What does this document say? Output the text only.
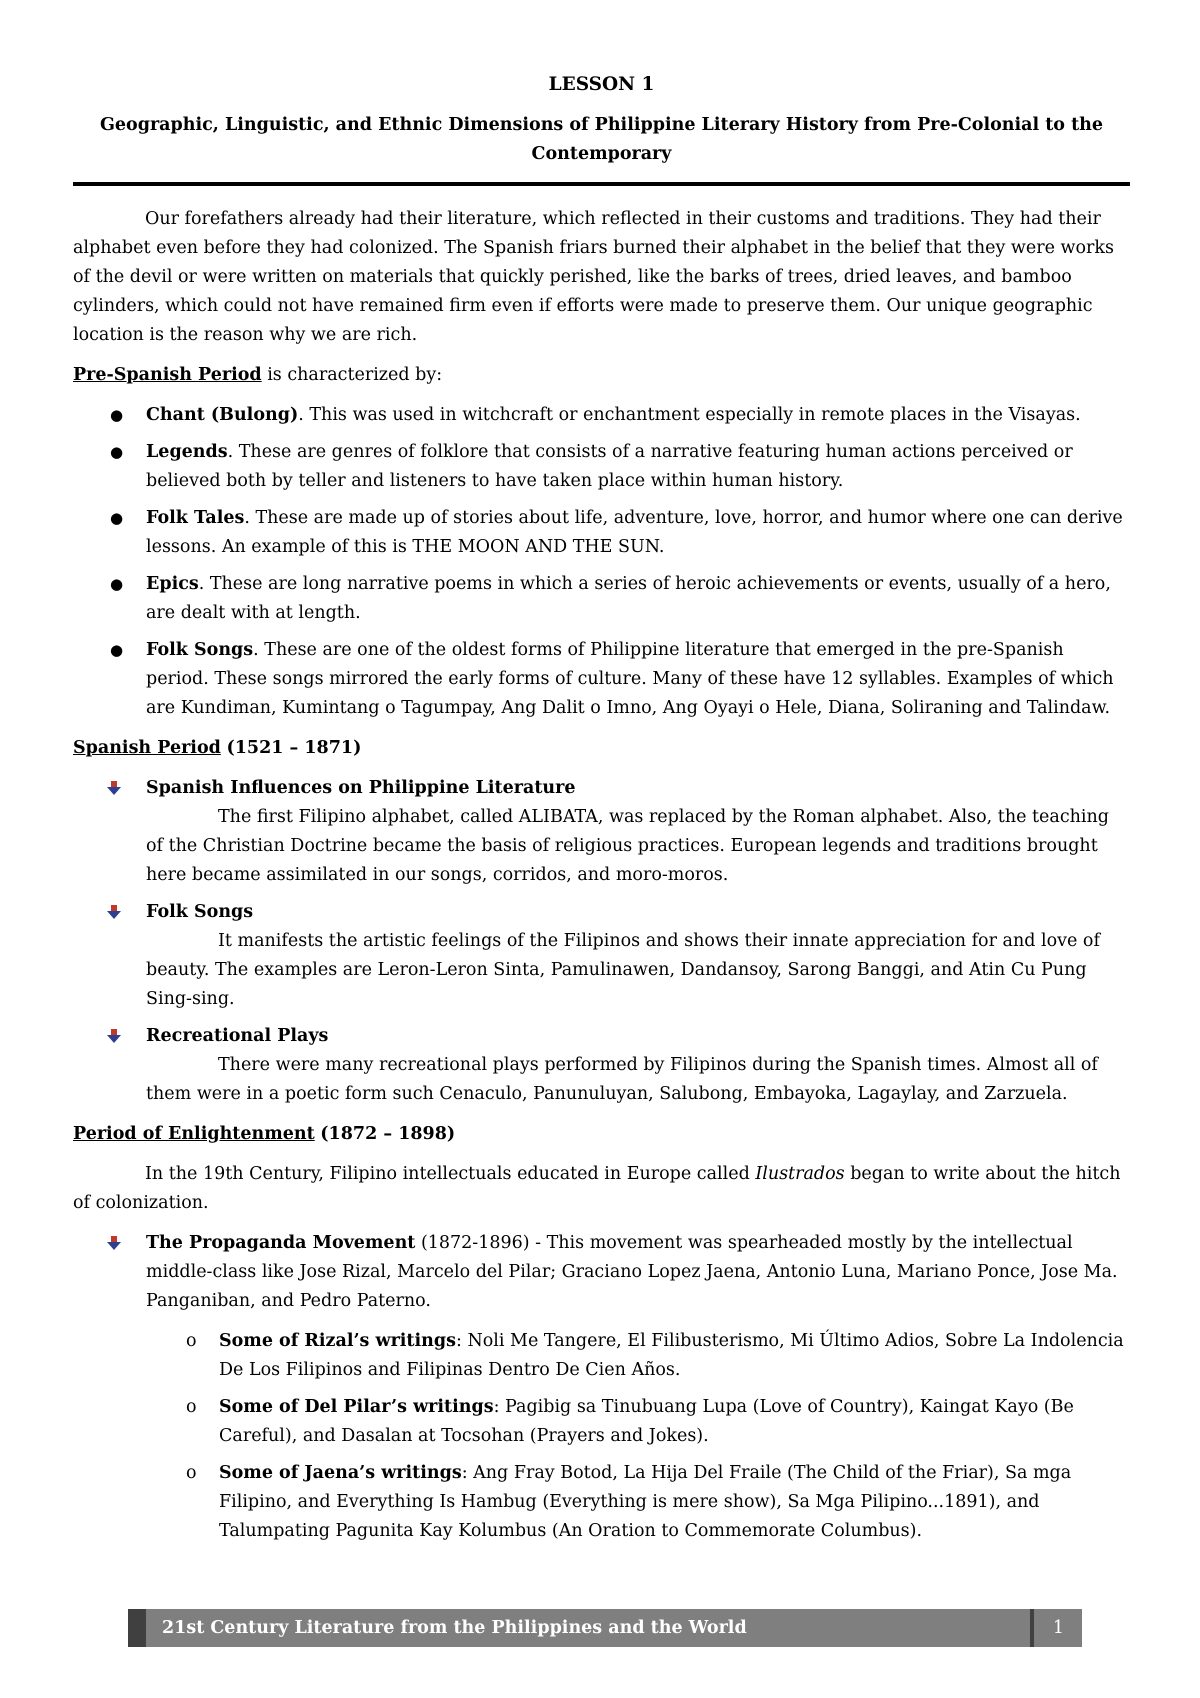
LESSON 1
Geographic, Linguistic, and Ethnic Dimensions of Philippine Literary History from Pre-Colonial to the Contemporary

Our forefathers already had their literature, which reflected in their customs and traditions. They had their alphabet even before they had colonized. The Spanish friars burned their alphabet in the belief that they were works of the devil or were written on materials that quickly perished, like the barks of trees, dried leaves, and bamboo cylinders, which could not have remained firm even if efforts were made to preserve them. Our unique geographic location is the reason why we are rich.

Pre-Spanish Period is characterized by:

● Chant (Bulong). This was used in witchcraft or enchantment especially in remote places in the Visayas.
● Legends. These are genres of folklore that consists of a narrative featuring human actions perceived or believed both by teller and listeners to have taken place within human history.
● Folk Tales. These are made up of stories about life, adventure, love, horror, and humor where one can derive lessons. An example of this is THE MOON AND THE SUN.
● Epics. These are long narrative poems in which a series of heroic achievements or events, usually of a hero, are dealt with at length.
● Folk Songs. These are one of the oldest forms of Philippine literature that emerged in the pre-Spanish period. These songs mirrored the early forms of culture. Many of these have 12 syllables. Examples of which are Kundiman, Kumintang o Tagumpay, Ang Dalit o Imno, Ang Oyayi o Hele, Diana, Soliraning and Talindaw.

Spanish Period (1521 – 1871)

Spanish Influences on Philippine Literature

The first Filipino alphabet, called ALIBATA, was replaced by the Roman alphabet. Also, the teaching of the Christian Doctrine became the basis of religious practices. European legends and traditions brought here became assimilated in our songs, corridos, and moro-moros.
Folk Songs

It manifests the artistic feelings of the Filipinos and shows their innate appreciation for and love of beauty. The examples are Leron-Leron Sinta, Pamulinawen, Dandansoy, Sarong Banggi, and Atin Cu Pung Sing-sing.
Recreational Plays

There were many recreational plays performed by Filipinos during the Spanish times. Almost all of them were in a poetic form such Cenaculo, Panunuluyan, Salubong, Embayoka, Lagaylay, and Zarzuela.

Period of Enlightenment (1872 – 1898)

In the 19th Century, Filipino intellectuals educated in Europe called Ilustrados began to write about the hitch of colonization.

The Propaganda Movement (1872-1896) - This movement was spearheaded mostly by the intellectual middle-class like Jose Rizal, Marcelo del Pilar; Graciano Lopez Jaena, Antonio Luna, Mariano Ponce, Jose Ma. Panganiban, and Pedro Paterno.
o Some of Rizal’s writings: Noli Me Tangere, El Filibusterismo, Mi Último Adios, Sobre La Indolencia De Los Filipinos and Filipinas Dentro De Cien Años.
o Some of Del Pilar’s writings: Pagibig sa Tinubuang Lupa (Love of Country), Kaingat Kayo (Be Careful), and Dasalan at Tocsohan (Prayers and Jokes).
o Some of Jaena’s writings: Ang Fray Botod, La Hija Del Fraile (The Child of the Friar), Sa mga Filipino, and Everything Is Hambug (Everything is mere show), Sa Mga Pilipino...1891), and Talumpating Pagunita Kay Kolumbus (An Oration to Commemorate Columbus).
21st Century Literature from the Philippines and the World	1
